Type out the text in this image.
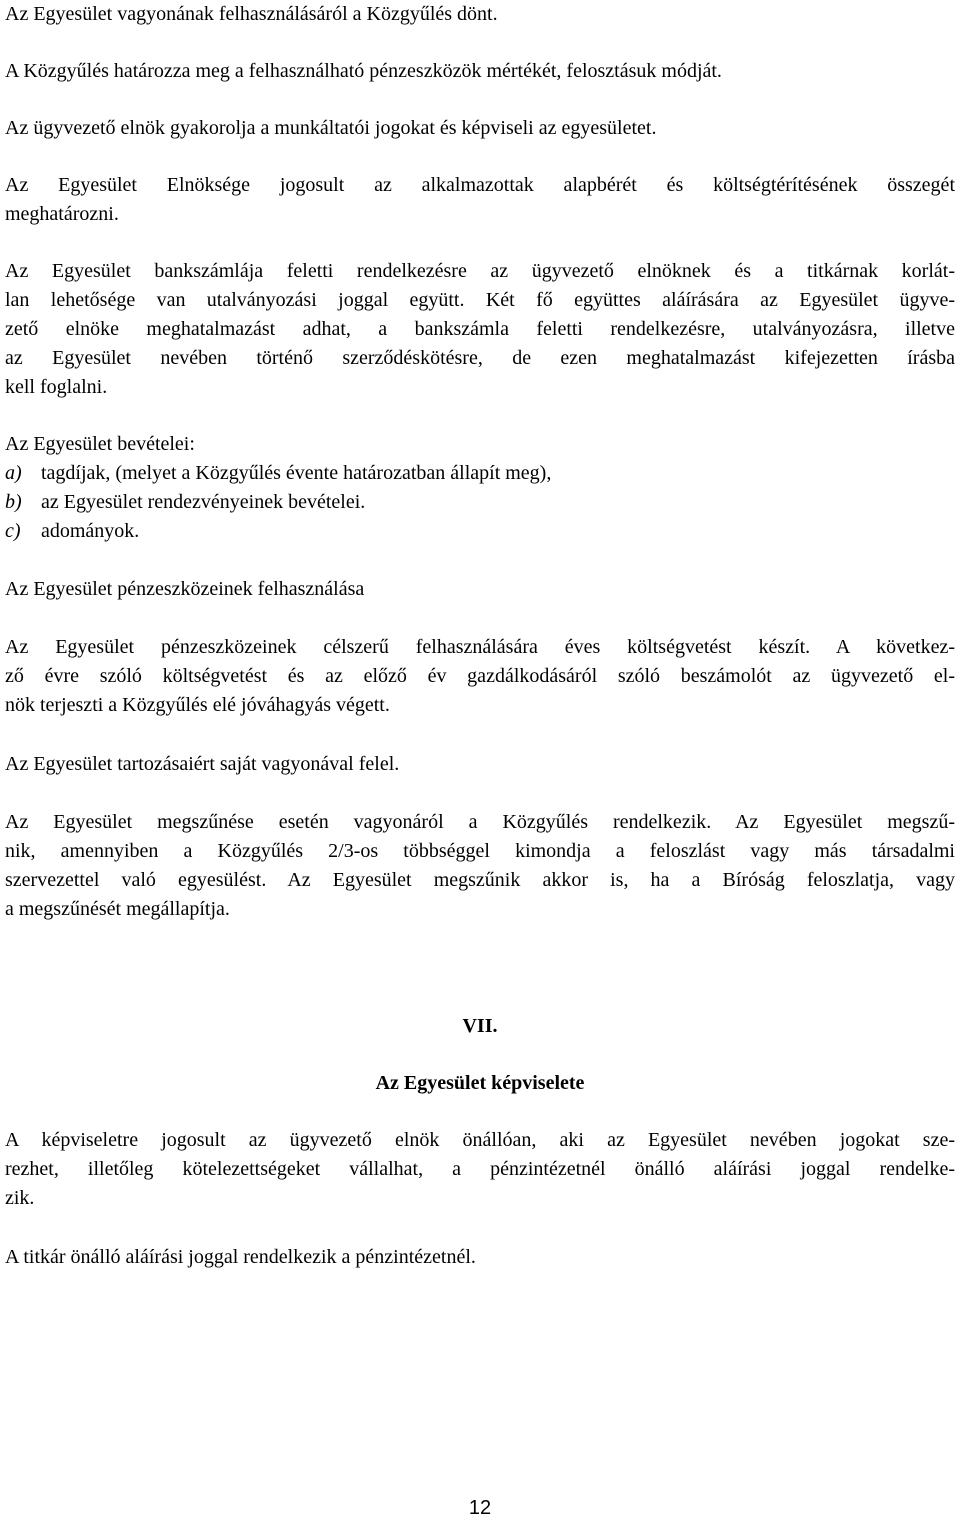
Az Egyesület vagyonának felhasználásáról a Közgyűlés dönt.

A Közgyűlés határozza meg a felhasználható pénzeszközök mértékét, felosztásuk módját.

Az ügyvezető elnök gyakorolja a munkáltatói jogokat és képviseli az egyesületet.

Az Egyesület Elnöksége jogosult az alkalmazottak alapbérét és költségtérítésének összegét
meghatározni.

Az Egyesület bankszámlája feletti rendelkezésre az ügyvezető elnöknek és a titkárnak korlát-
lan lehetősége van utalványozási joggal együtt. Két fő együttes aláírására az Egyesület ügyve-
zető elnöke meghatalmazást adhat, a bankszámla feletti rendelkezésre, utalványozásra, illetve
az Egyesület nevében történő szerződéskötésre, de ezen meghatalmazást kifejezetten írásba
kell foglalni.

Az Egyesület bevételei:

a) tagdíjak, (melyet a Közgyűlés évente határozatban állapít meg),
b) az Egyesület rendezvényeinek bevételei.
c) adományok.

Az Egyesület pénzeszközeinek felhasználása

Az Egyesület pénzeszközeinek célszerű felhasználására éves költségvetést készít. A következ-
ző évre szóló költségvetést és az előző év gazdálkodásáról szóló beszámolót az ügyvezető el-
nök terjeszti a Közgyűlés elé jóváhagyás végett.

Az Egyesület tartozásaiért saját vagyonával felel.

Az Egyesület megszűnése esetén vagyonáról a Közgyűlés rendelkezik. Az Egyesület megszű-
nik, amennyiben a Közgyűlés 2/3-os többséggel kimondja a feloszlást vagy más társadalmi
szervezettel való egyesülést. Az Egyesület megszűnik akkor is, ha a Bíróság feloszlatja, vagy
a megszűnését megállapítja.

VII.
Az Egyesület képviselete

A képviseletre jogosult az ügyvezető elnök önállóan, aki az Egyesület nevében jogokat sze-
rezhet, illetőleg kötelezettségeket vállalhat, a pénzintézetnél önálló aláírási joggal rendelke-
zik.

A titkár önálló aláírási joggal rendelkezik a pénzintézetnél.

12
